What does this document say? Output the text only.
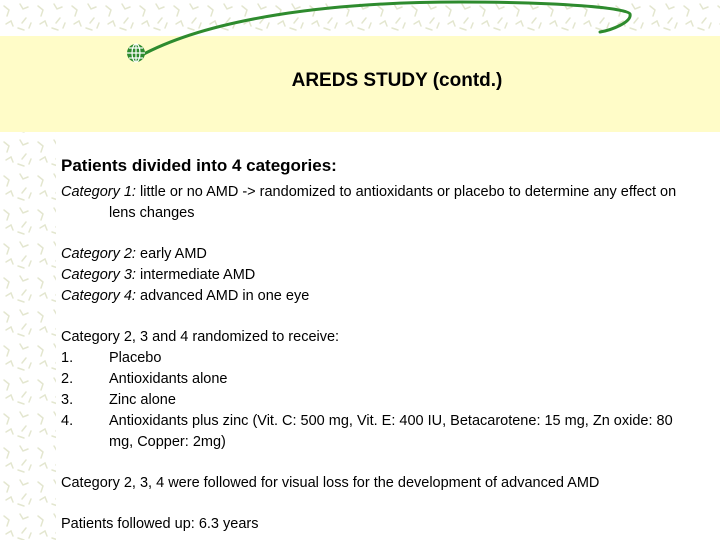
AREDS STUDY (contd.)

Patients divided into 4 categories:

Category 1: little or no AMD -> randomized to antioxidants or placebo to determine any effect on lens changes

Category 2: early AMD

Category 3: intermediate AMD

Category 4: advanced AMD in one eye

Category 2, 3 and 4 randomized to receive:

1.	Placebo
2.	Antioxidants alone
3.	Zinc alone
4.	Antioxidants plus zinc (Vit. C: 500 mg, Vit. E: 400 IU, Betacarotene: 15 mg, Zn oxide: 80 mg, Copper: 2mg)

Category 2, 3, 4 were followed for visual loss for the development of advanced AMD

Patients followed up: 6.3 years
